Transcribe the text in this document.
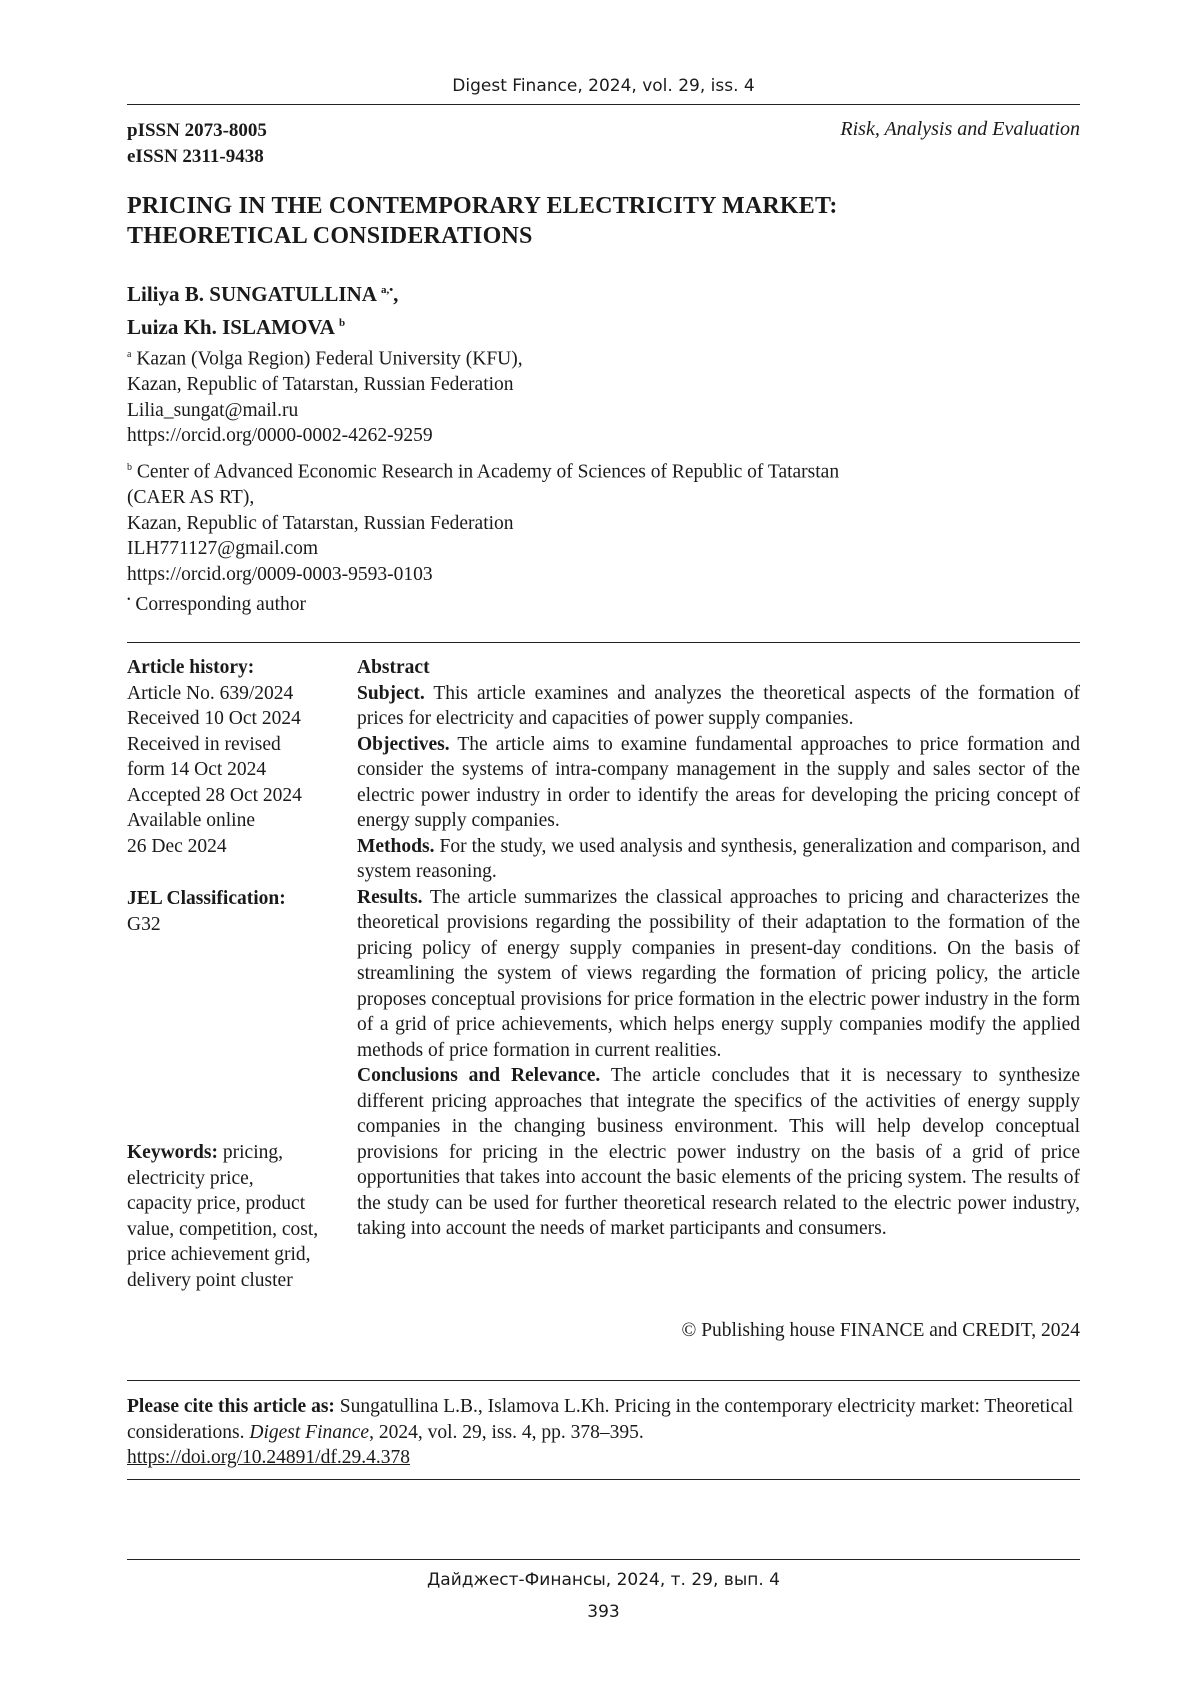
Digest Finance, 2024, vol. 29, iss. 4
pISSN 2073-8005
eISSN 2311-9438
Risk, Analysis and Evaluation
PRICING IN THE CONTEMPORARY ELECTRICITY MARKET:
THEORETICAL CONSIDERATIONS
Liliya B. SUNGATULLINA $^{a,•}$,
Luiza Kh. ISLAMOVA $^b$
$^a$ Kazan (Volga Region) Federal University (KFU),
Kazan, Republic of Tatarstan, Russian Federation
Lilia_sungat@mail.ru
https://orcid.org/0000-0002-4262-9259
$^b$ Center of Advanced Economic Research in Academy of Sciences of Republic of Tatarstan
(CAER AS RT),
Kazan, Republic of Tatarstan, Russian Federation
ILH771127@gmail.com
https://orcid.org/0009-0003-9593-0103
• Corresponding author
Article history:
Article No. 639/2024
Received 10 Oct 2024
Received in revised
form 14 Oct 2024
Accepted 28 Oct 2024
Available online
26 Dec 2024
JEL Classification:
G32
Keywords: pricing,
electricity price,
capacity price, product
value, competition, cost,
price achievement grid,
delivery point cluster

Abstract

Subject. This article examines and analyzes the theoretical aspects of the formation of prices for electricity and capacities of power supply companies.

Objectives. The article aims to examine fundamental approaches to price formation and consider the systems of intra-company management in the supply and sales sector of the electric power industry in order to identify the areas for developing the pricing concept of energy supply companies.

Methods. For the study, we used analysis and synthesis, generalization and comparison, and system reasoning.

Results. The article summarizes the classical approaches to pricing and characterizes the theoretical provisions regarding the possibility of their adaptation to the formation of the pricing policy of energy supply companies in present-day conditions. On the basis of streamlining the system of views regarding the formation of pricing policy, the article proposes conceptual provisions for price formation in the electric power industry in the form of a grid of price achievements, which helps energy supply companies modify the applied methods of price formation in current realities.

Conclusions and Relevance. The article concludes that it is necessary to synthesize different pricing approaches that integrate the specifics of the activities of energy supply companies in the changing business environment. This will help develop conceptual provisions for pricing in the electric power industry on the basis of a grid of price opportunities that takes into account the basic elements of the pricing system. The results of the study can be used for further theoretical research related to the electric power industry, taking into account the needs of market participants and consumers.

© Publishing house FINANCE and CREDIT, 2024
Please cite this article as: Sungatullina L.B., Islamova L.Kh. Pricing in the contemporary electricity market: Theoretical considerations. Digest Finance, 2024, vol. 29, iss. 4, pp. 378–395.
https://doi.org/10.24891/df.29.4.378
Дайджест-Финансы, 2024, т. 29, вып. 4
393
